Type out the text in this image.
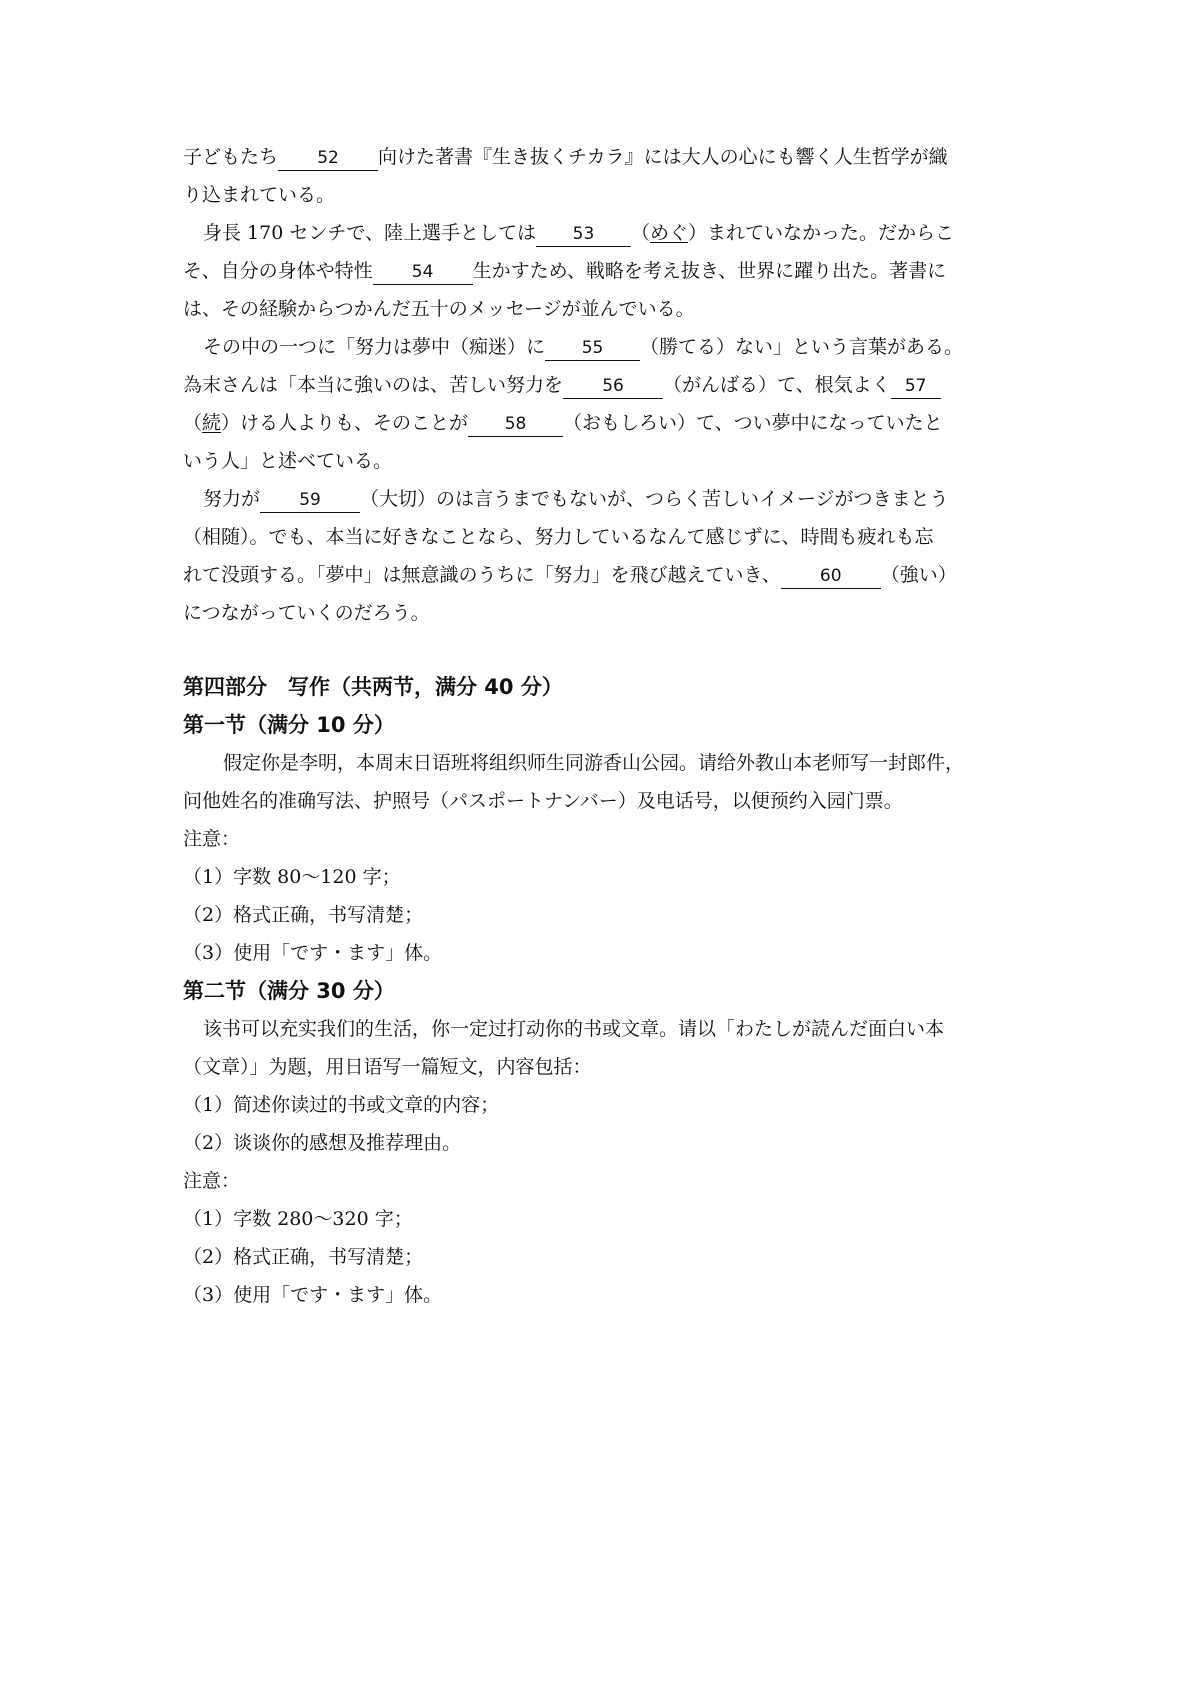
子どもたち 52 向けた著書『生き抜くチカラ』には大人の心にも響く人生哲学が織
り込まれている。
身長 170 センチで、陸上選手としては 53 （めぐ）まれていなかった。だからこ
そ、自分の身体や特性 54 生かすため、戦略を考え抜き、世界に躍り出た。著書に
は、その経験からつかんだ五十のメッセージが並んでいる。
その中の一つに「努力は夢中（痴迷）に 55 （勝てる）ない」という言葉がある。
為末さんは「本当に強いのは、苦しい努力を 56 （がんばる）て、根気よく 57
（続）ける人よりも、そのことが 58 （おもしろい）て、つい夢中になっていたと
いう人」と述べている。
努力が 59 （大切）のは言うまでもないが、つらく苦しいイメージがつきまとう
（相随）。でも、本当に好きなことなら、努力しているなんて感じずに、時間も疲れも忘
れて没頭する。「夢中」は無意識のうちに「努力」を飛び越えていき、 60 （強い）
につながっていくのだろう。
第四部分　写作（共两节，满分 40 分）
第一节（满分 10 分）
假定你是李明，本周末日语班将组织师生同游香山公园。请给外教山本老师写一封郎件，
问他姓名的准确写法、护照号（パスポートナンバー）及电话号，以便预约入园门票。
注意：
（1）字数 80～120 字；
（2）格式正确，书写清楚；
（3）使用「です・ます」体。
第二节（满分 30 分）
该书可以充实我们的生活，你一定过打动你的书或文章。请以「わたしが読んだ面白い本
（文章）」为题，用日语写一篇短文，内容包括：
（1）简述你读过的书或文章的内容；
（2）谈谈你的感想及推荐理由。
注意：
（1）字数 280～320 字；
（2）格式正确，书写清楚；
（3）使用「です・ます」体。
